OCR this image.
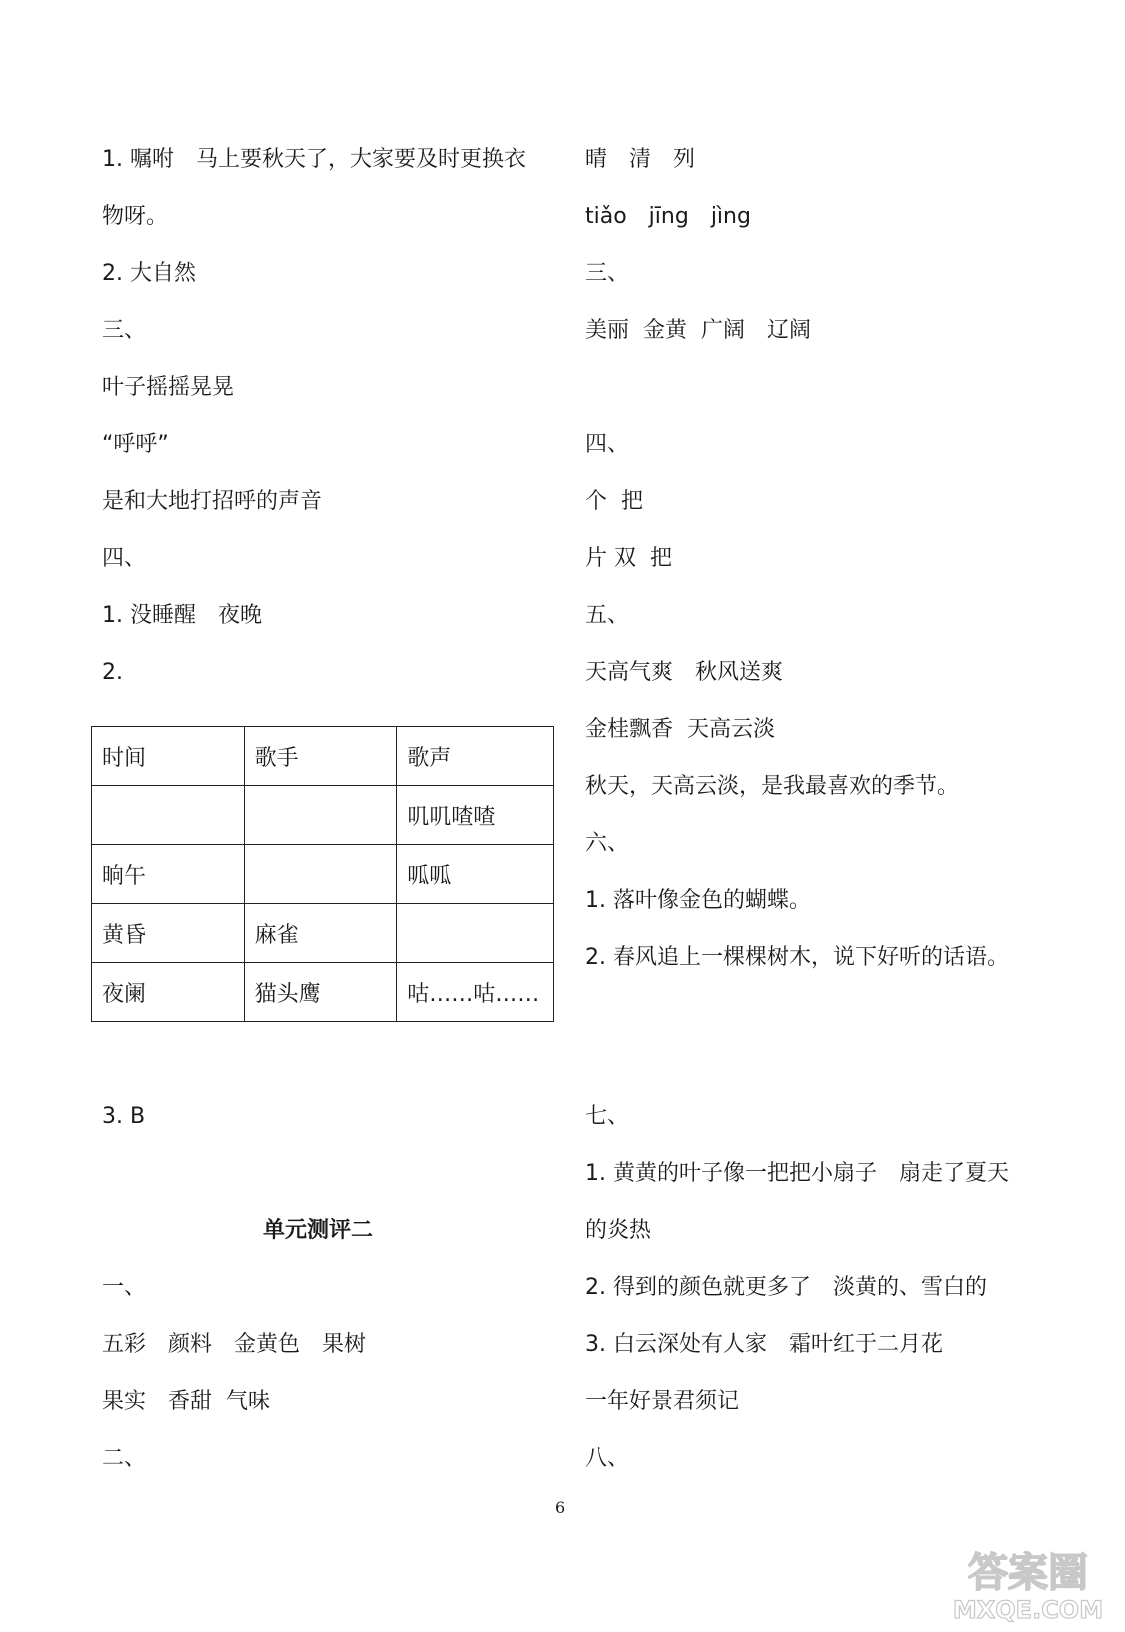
1. 嘱咐　马上要秋天了，大家要及时更换衣
物呀。
2. 大自然
三、
叶子摇摇晃晃
“呼呼”
是和大地打招呼的声音
四、
1. 没睡醒　夜晚
2.
时间	歌手	歌声
		叽叽喳喳
晌午		呱呱
黄昏	麻雀	
夜阑	猫头鹰	咕……咕……
3. B
单元测评二
一、
五彩　颜料　金黄色　果树
果实　香甜  气味
二、
晴　清　列
tiǎo　jīng　jìng
三、
美丽  金黄  广阔　辽阔
四、
个  把
片 双  把
五、
天高气爽　秋风送爽
金桂飘香  天高云淡
秋天，天高云淡，是我最喜欢的季节。
六、
1. 落叶像金色的蝴蝶。
2. 春风追上一棵棵树木，说下好听的话语。
七、
1. 黄黄的叶子像一把把小扇子　扇走了夏天
的炎热
2. 得到的颜色就更多了　淡黄的、雪白的
3. 白云深处有人家　霜叶红于二月花
一年好景君须记
八、
6
答案圈
MXQE.COM
